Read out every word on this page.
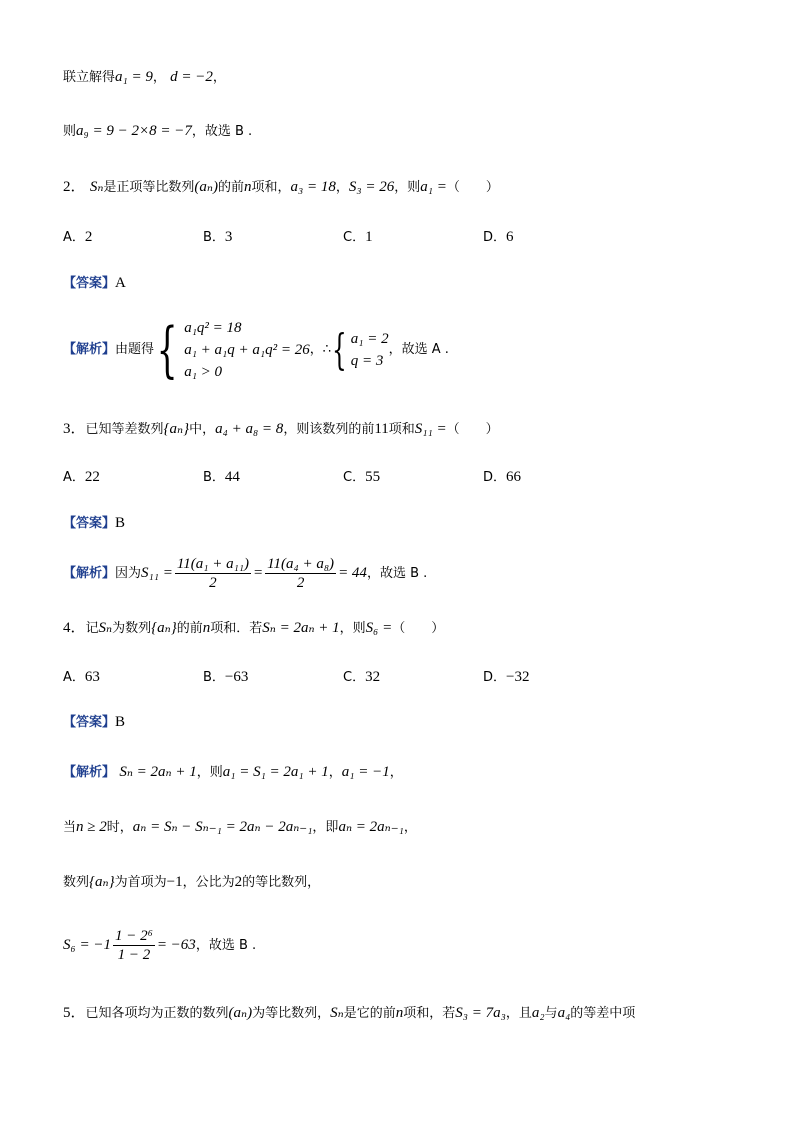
联立解得a₁ = 9， d = −2，
则a₉ = 9 − 2×8 = −7，故选 B .
2． Sₙ是正项等比数列(aₙ)的前n项和，a₃ = 18，S₃ = 26，则a₁ =（　　）
A．2	B．3	C．1	D．6
【答案】A
【解析】由题得{ a₁q² = 18
a₁ + a₁q + a₁q² = 26
a₁ > 0
，∴{ a₁ = 2
q = 3
，故选 A .
3．已知等差数列{aₙ}中，a₄ + a₈ = 8，则该数列的前11项和S₁₁ =（　　）
A．22	B．44	C．55	D．66
【答案】B
【解析】因为$S_{11} = \frac{\text{11(a₁ + a₁₁)}}{2} = \frac{\text{11(a₄ + a₈)}}{2} = 44$，故选 B .
4．记Sₙ为数列{aₙ}的前n项和．若Sₙ = 2aₙ + 1，则S₆ =（　　）
A．63	B．−63	C．32	D．−32
【答案】B
【解析】 Sₙ = 2aₙ + 1，则a₁ = S₁ = 2a₁ + 1，a₁ = −1，
当n ≥ 2时，aₙ = Sₙ − Sₙ₋₁ = 2aₙ − 2aₙ₋₁，即aₙ = 2aₙ₋₁，
数列{aₙ}为首项为−1，公比为2的等比数列，
$S_6 = -1 \frac{\text{1 − 2⁶}}{1 - 2} = -63$，故选 B .
5．已知各项均为正数的数列(aₙ)为等比数列，Sₙ是它的前n项和，若S₃ = 7a₃，且a₂与a₄的等差中项
